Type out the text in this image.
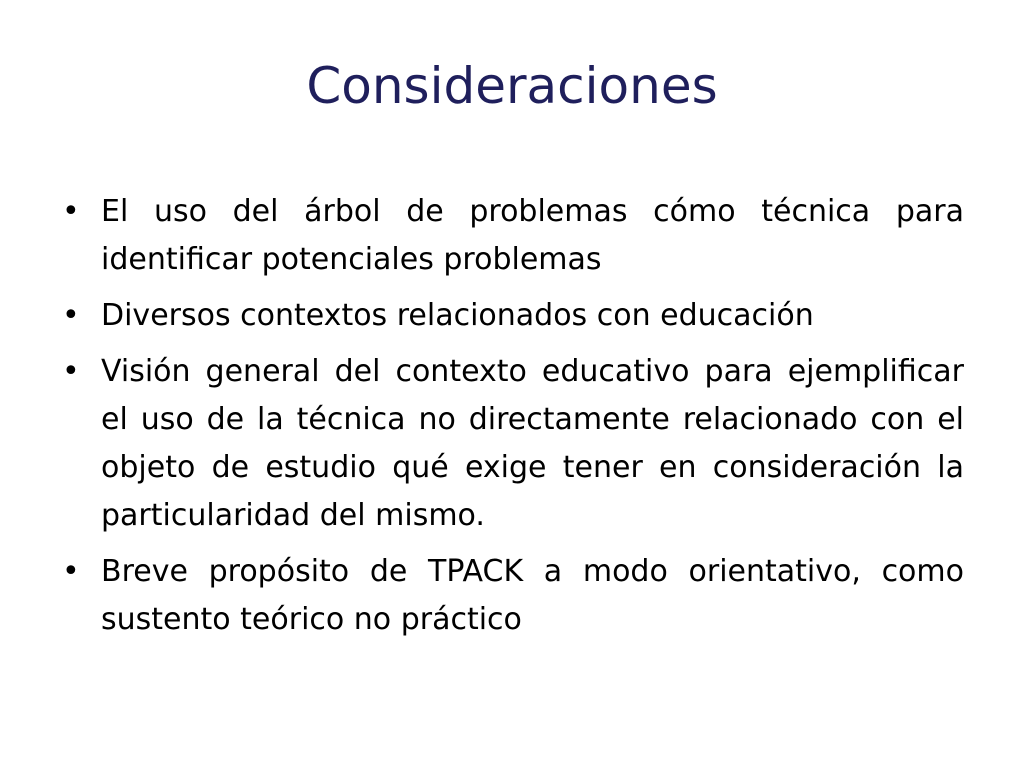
Consideraciones
• El uso del árbol de problemas cómo técnica para identificar potenciales problemas
• Diversos contextos relacionados con educación
• Visión general del contexto educativo para ejemplificar el uso de la técnica no directamente relacionado con el objeto de estudio qué exige tener en consideración la particularidad del mismo.
• Breve propósito de TPACK a modo orientativo, como sustento teórico no práctico
